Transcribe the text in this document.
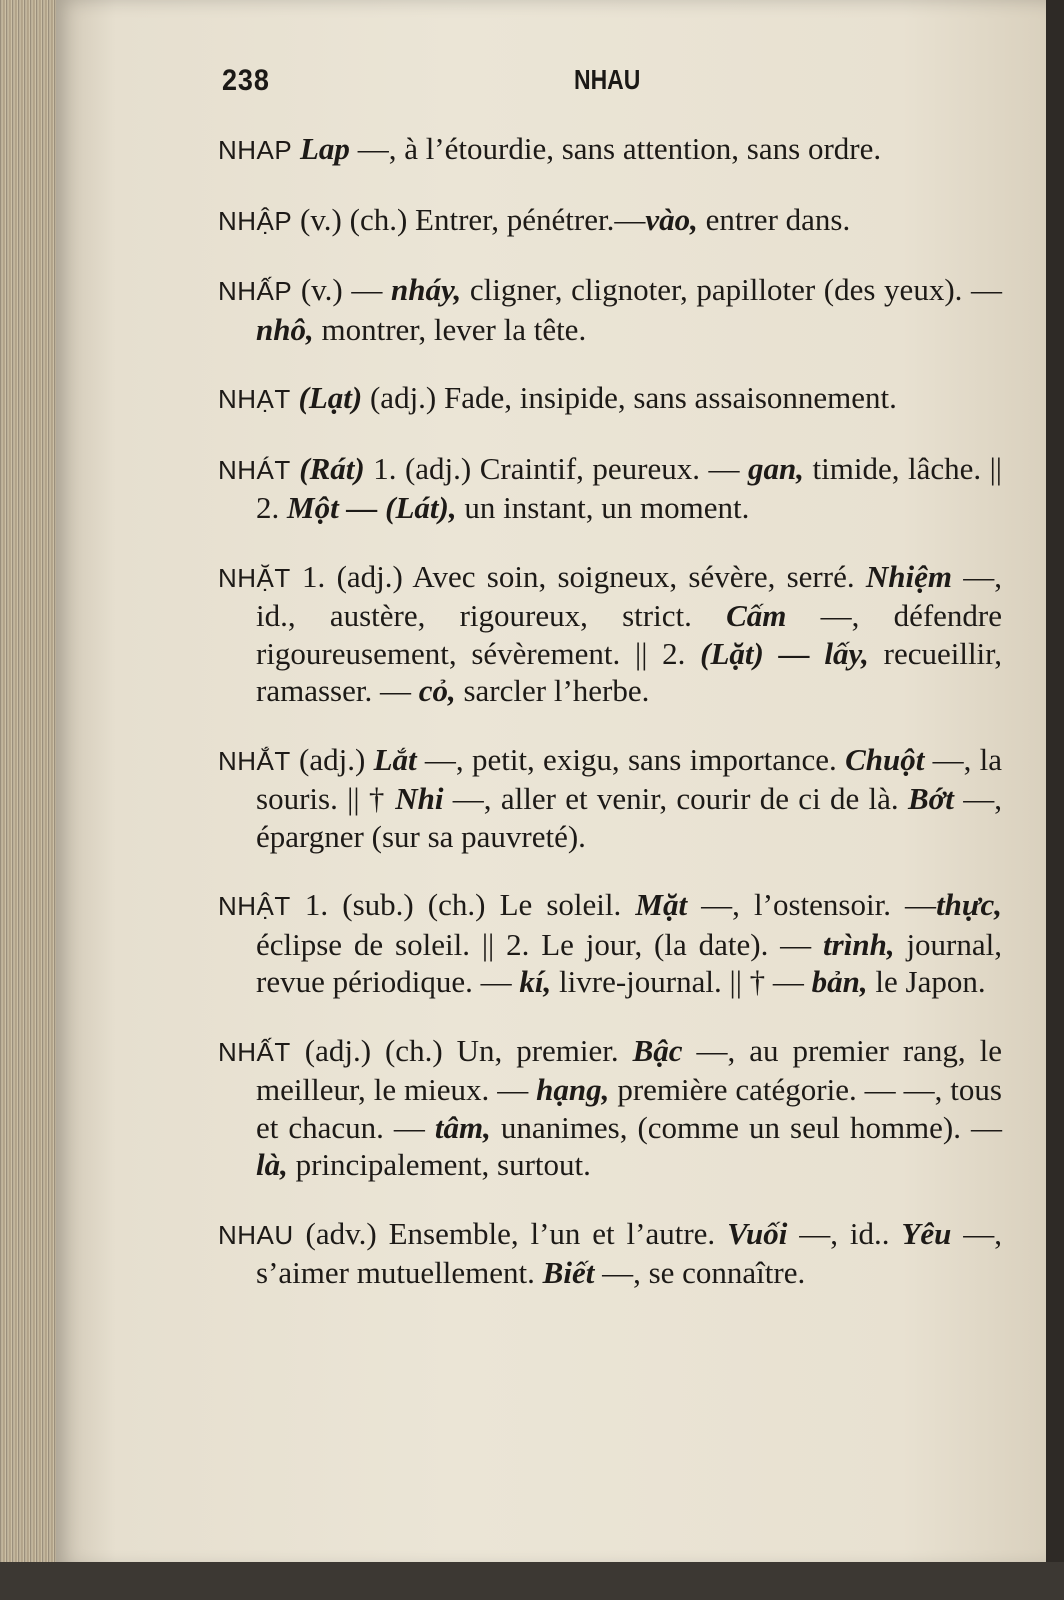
238	NHAU

NHAP Lap —, à l’étourdie, sans attention, sans ordre.

NHẬP (v.) (ch.) Entrer, pénétrer.—vào, entrer dans.

NHẤP (v.) — nháy, cligner, clignoter, papilloter (des yeux). — nhô, montrer, lever la tête.

NHẠT (Lạt) (adj.) Fade, insipide, sans assaisonnement.

NHÁT (Rát) 1. (adj.) Craintif, peureux. — gan, timide, lâche. || 2. Một — (Lát), un instant, un moment.

NHẶT 1. (adj.) Avec soin, soigneux, sévère, serré. Nhiệm —, id., austère, rigoureux, strict. Cấm —, défendre rigoureusement, sévèrement. || 2. (Lặt) — lấy, recueillir, ramasser. — cỏ, sarcler l’herbe.

NHẮT (adj.) Lắt —, petit, exigu, sans importance. Chuột —, la souris. || † Nhi —, aller et venir, courir de ci de là. Bớt —, épargner (sur sa pauvreté).

NHẬT 1. (sub.) (ch.) Le soleil. Mặt —, l’ostensoir. —thực, éclipse de soleil. || 2. Le jour, (la date). — trình, journal, revue périodique. — kí, livre-journal. || † — bản, le Japon.

NHẤT (adj.) (ch.) Un, premier. Bậc —, au premier rang, le meilleur, le mieux. — hạng, première catégorie. — —, tous et chacun. — tâm, unanimes, (comme un seul homme). — là, principalement, surtout.

NHAU (adv.) Ensemble, l’un et l’autre. Vuối —, id.. Yêu —, s’aimer mutuellement. Biết —, se connaître.
